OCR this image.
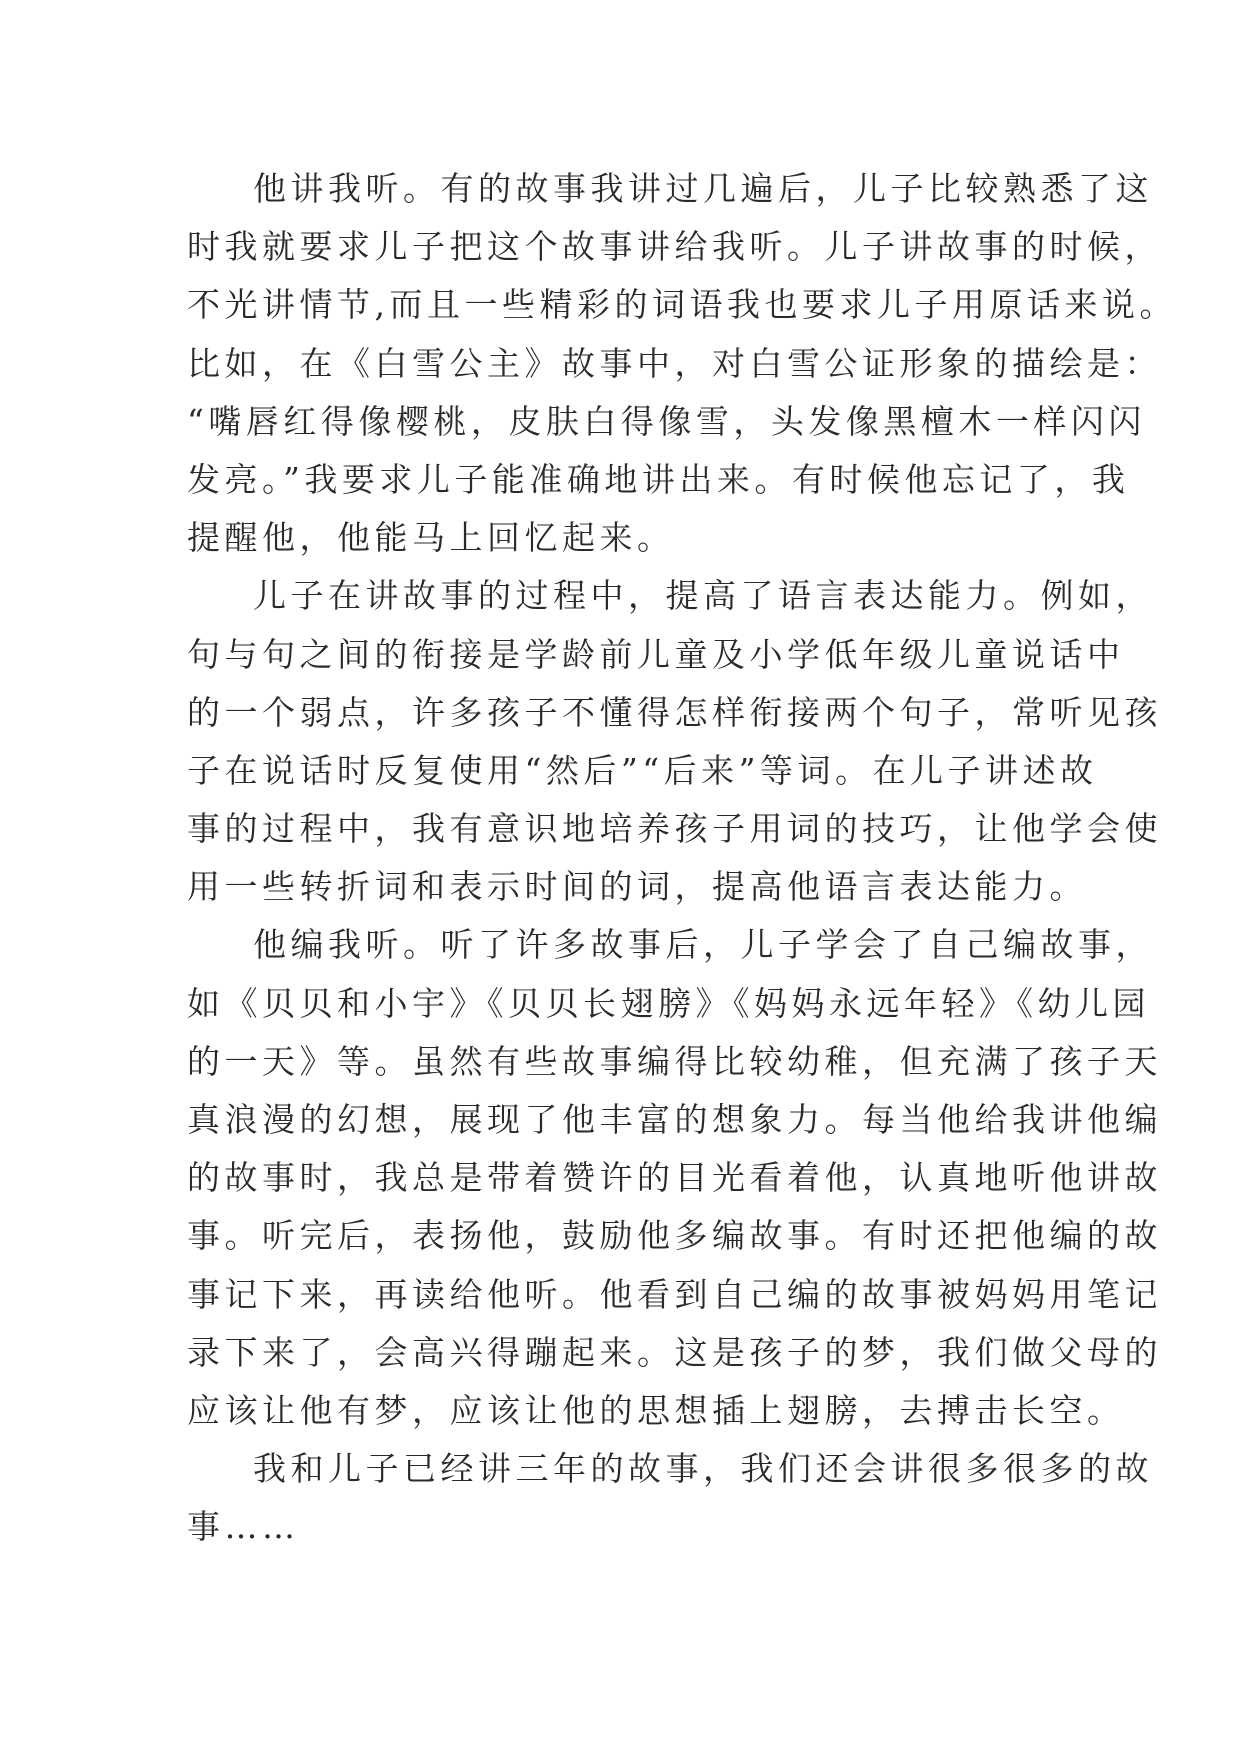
他讲我听。有的故事我讲过几遍后，儿子比较熟悉了这
时我就要求儿子把这个故事讲给我听。儿子讲故事的时候，
不光讲情节,而且一些精彩的词语我也要求儿子用原话来说。
比如，在《白雪公主》故事中，对白雪公证形象的描绘是：
“嘴唇红得像樱桃，皮肤白得像雪，头发像黑檀木一样闪闪
发亮。”我要求儿子能准确地讲出来。有时候他忘记了，我
提醒他，他能马上回忆起来。
儿子在讲故事的过程中，提高了语言表达能力。例如，
句与句之间的衔接是学龄前儿童及小学低年级儿童说话中
的一个弱点，许多孩子不懂得怎样衔接两个句子，常听见孩
子在说话时反复使用“然后”“后来”等词。在儿子讲述故
事的过程中，我有意识地培养孩子用词的技巧，让他学会使
用一些转折词和表示时间的词，提高他语言表达能力。
他编我听。听了许多故事后，儿子学会了自己编故事，
如《贝贝和小宇》《贝贝长翅膀》《妈妈永远年轻》《幼儿园
的一天》等。虽然有些故事编得比较幼稚，但充满了孩子天
真浪漫的幻想，展现了他丰富的想象力。每当他给我讲他编
的故事时，我总是带着赞许的目光看着他，认真地听他讲故
事。听完后，表扬他，鼓励他多编故事。有时还把他编的故
事记下来，再读给他听。他看到自己编的故事被妈妈用笔记
录下来了，会高兴得蹦起来。这是孩子的梦，我们做父母的
应该让他有梦，应该让他的思想插上翅膀，去搏击长空。
我和儿子已经讲三年的故事，我们还会讲很多很多的故
事……
